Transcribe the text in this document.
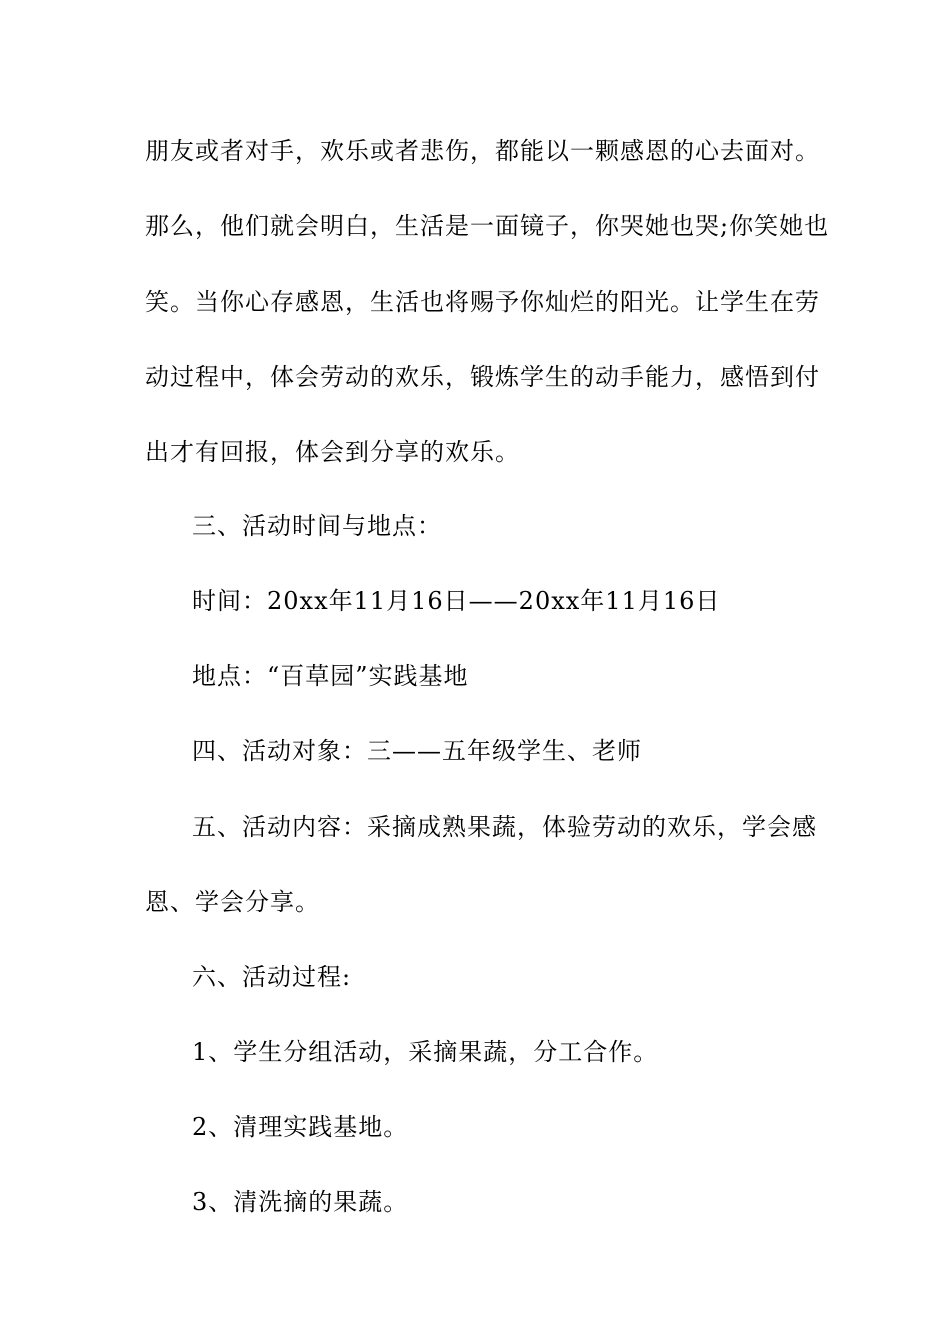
朋友或者对手，欢乐或者悲伤，都能以一颗感恩的心去面对。
那么，他们就会明白，生活是一面镜子，你哭她也哭;你笑她也
笑。当你心存感恩，生活也将赐予你灿烂的阳光。让学生在劳
动过程中，体会劳动的欢乐，锻炼学生的动手能力，感悟到付
出才有回报，体会到分享的欢乐。
三、活动时间与地点：
时间：20xx年11月16日——20xx年11月16日
地点：“百草园”实践基地
四、活动对象：三——五年级学生、老师
五、活动内容：采摘成熟果蔬，体验劳动的欢乐，学会感
恩、学会分享。
六、活动过程:
1、学生分组活动，采摘果蔬，分工合作。
2、清理实践基地。
3、清洗摘的果蔬。
